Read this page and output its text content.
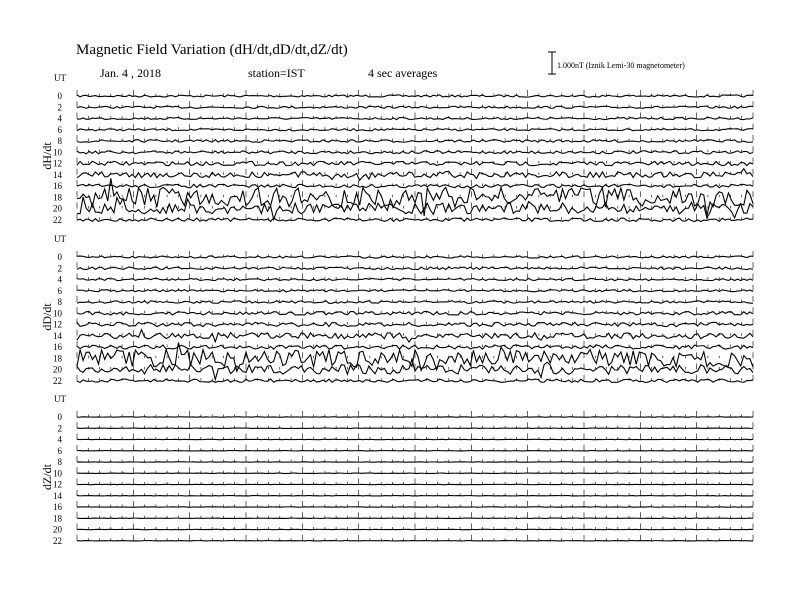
Magnetic Field Variation (dH/dt,dD/dt,dZ/dt)
Jan. 4 , 2018	station=IST	4 sec averages
1.000nT (Iznik Lemi-30 magnetometer)
UT
dH/dt
0
2
4
6
8
10
12
14
16
18
20
22
UT
dD/dt
0
2
4
6
8
10
12
14
16
18
20
22
UT
dZ/dt
0
2
4
6
8
10
12
14
16
18
20
22
